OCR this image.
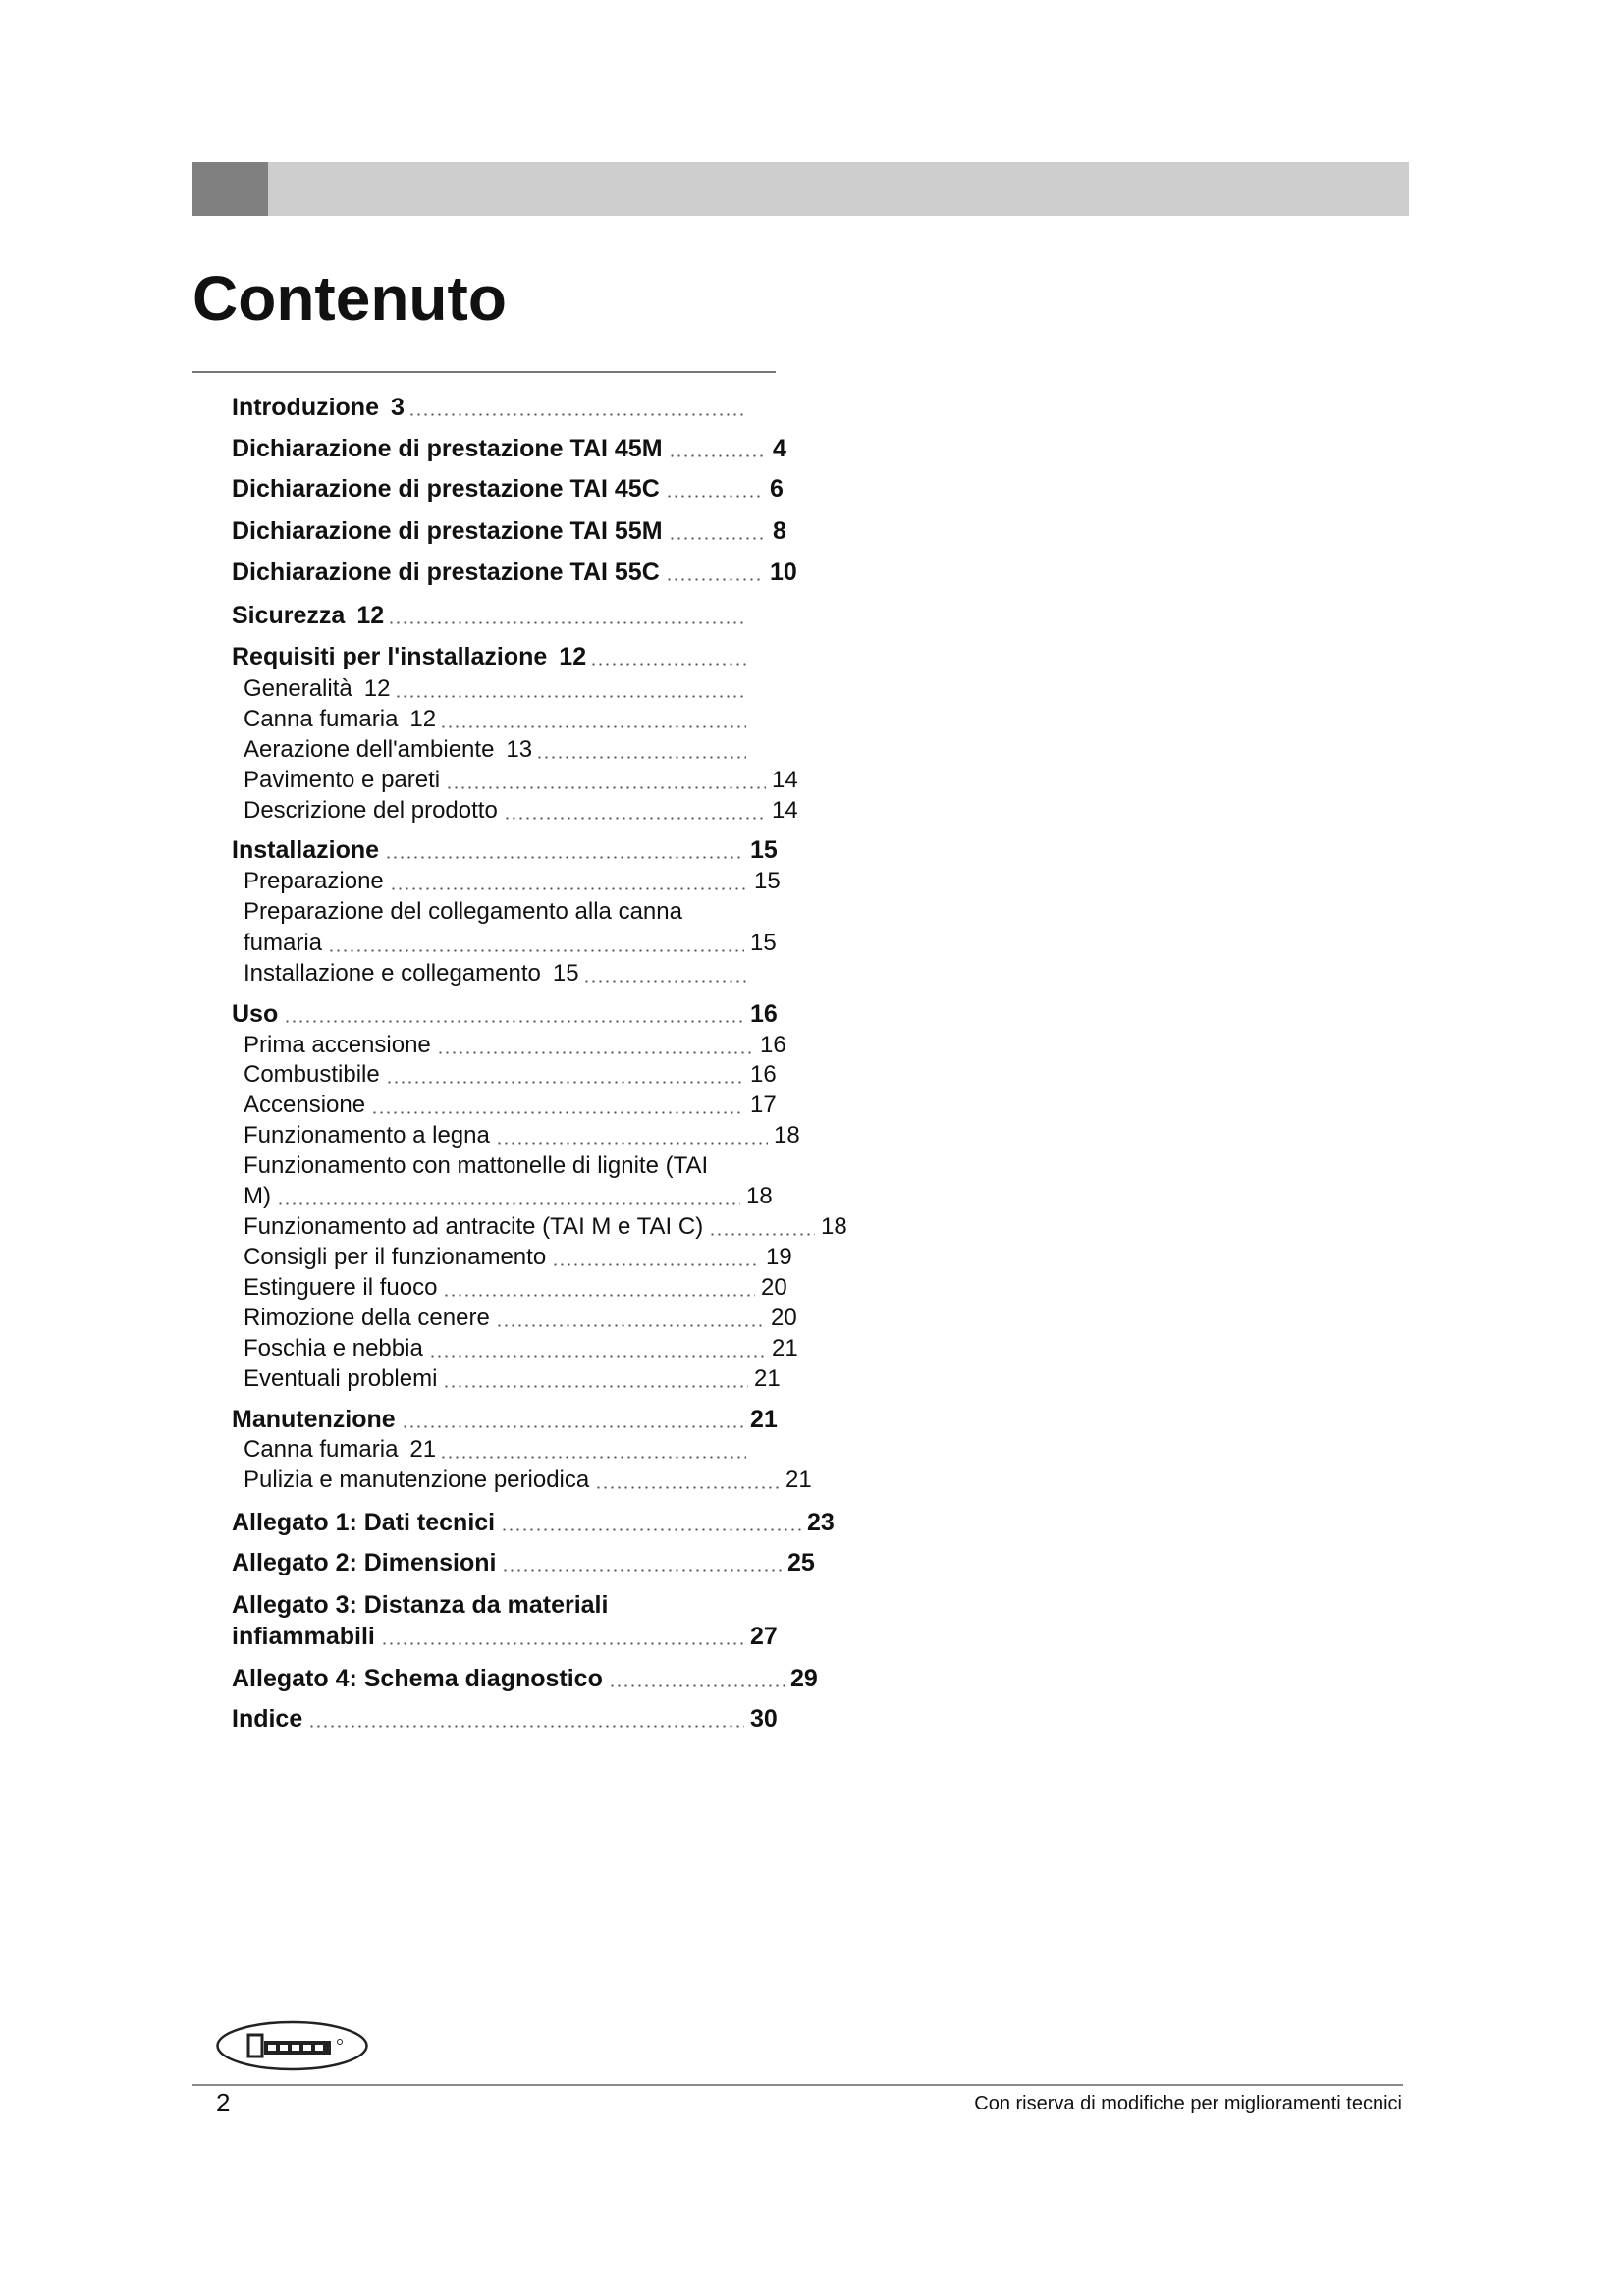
Contenuto
Introduzione 3
Dichiarazione di prestazione TAI 45M	4
Dichiarazione di prestazione TAI 45C	6
Dichiarazione di prestazione TAI 55M	8
Dichiarazione di prestazione TAI 55C	10
Sicurezza 12
Requisiti per l'installazione 12
Generalità 12
Canna fumaria 12
Aerazione dell'ambiente 13
Pavimento e pareti	14
Descrizione del prodotto	14
Installazione	15
Preparazione	15
Preparazione del collegamento alla canna
fumaria	15
Installazione e collegamento 15
Uso	16
Prima accensione	16
Combustibile	16
Accensione	17
Funzionamento a legna	18
Funzionamento con mattonelle di lignite (TAI
M)	18
Funzionamento ad antracite (TAI M e TAI C)	18
Consigli per il funzionamento	19
Estinguere il fuoco	20
Rimozione della cenere	20
Foschia e nebbia	21
Eventuali problemi	21
Manutenzione	21
Canna fumaria 21
Pulizia e manutenzione periodica	21
Allegato 1: Dati tecnici	23
Allegato 2: Dimensioni	25
Allegato 3: Distanza da materiali
infiammabili	27
Allegato 4: Schema diagnostico	29
Indice	30
2	Con riserva di modifiche per miglioramenti tecnici
